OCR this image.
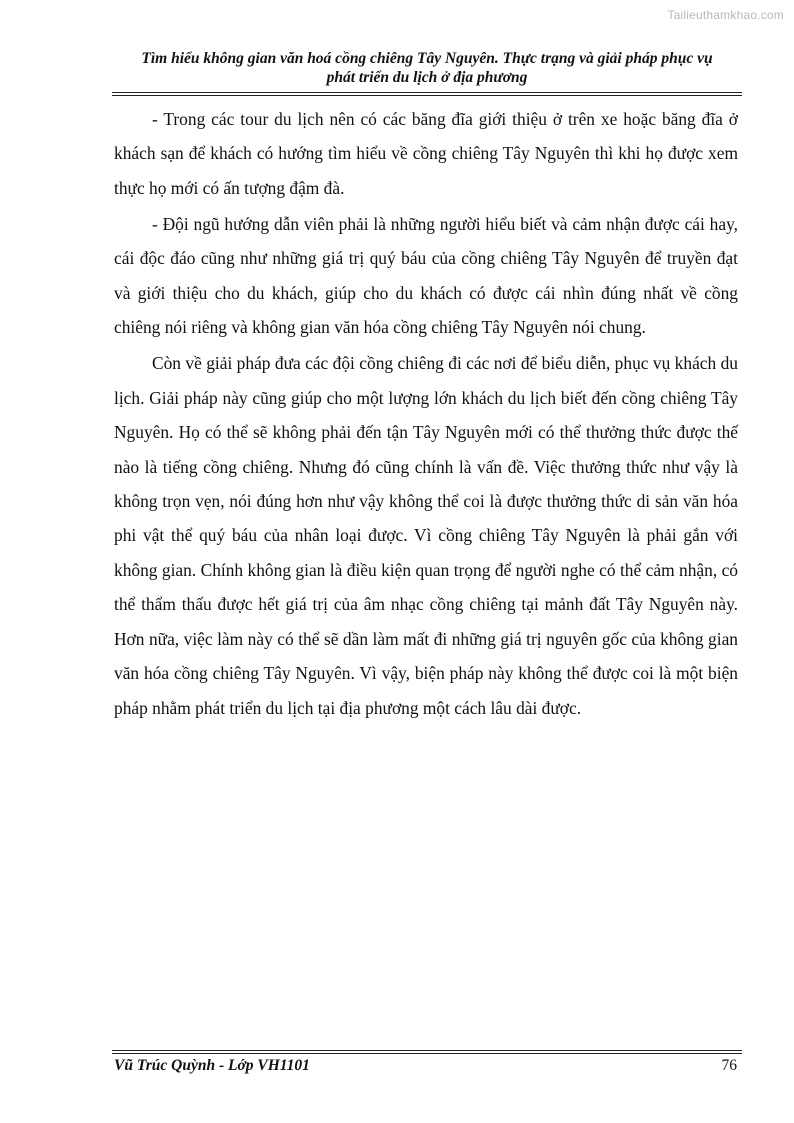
Tailieuthamkhao.com
Tìm hiểu không gian văn hoá cồng chiêng Tây Nguyên. Thực trạng và giải pháp phục vụ
phát triển du lịch ở địa phương

- Trong các tour du lịch nên có các băng đĩa giới thiệu ở trên xe hoặc băng đĩa ở khách sạn để khách có hướng tìm hiểu về cồng chiêng Tây Nguyên thì khi họ được xem thực họ mới có ấn tượng đậm đà.

- Đội ngũ hướng dẫn viên phải là những người hiểu biết và cảm nhận được cái hay, cái độc đáo cũng như những giá trị quý báu của cồng chiêng Tây Nguyên để truyền đạt và giới thiệu cho du khách, giúp cho du khách có được cái nhìn đúng nhất về cồng chiêng nói riêng và không gian văn hóa cồng chiêng Tây Nguyên nói chung.

Còn về giải pháp đưa các đội cồng chiêng đi các nơi để biểu diễn, phục vụ khách du lịch. Giải pháp này cũng giúp cho một lượng lớn khách du lịch biết đến cồng chiêng Tây Nguyên. Họ có thể sẽ không phải đến tận Tây Nguyên mới có thể thưởng thức được thế nào là tiếng cồng chiêng. Nhưng đó cũng chính là vấn đề. Việc thưởng thức như vậy là không trọn vẹn, nói đúng hơn như vậy không thể coi là được thưởng thức di sản văn hóa phi vật thể quý báu của nhân loại được. Vì cồng chiêng Tây Nguyên là phải gắn với không gian. Chính không gian là điều kiện quan trọng để người nghe có thể cảm nhận, có thể thẩm thấu được hết giá trị của âm nhạc cồng chiêng tại mảnh đất Tây Nguyên này. Hơn nữa, việc làm này có thể sẽ dần làm mất đi những giá trị nguyên gốc của không gian văn hóa cồng chiêng Tây Nguyên. Vì vậy, biện pháp này không thể được coi là một biện pháp nhằm phát triển du lịch tại địa phương một cách lâu dài được.

Vũ Trúc Quỳnh - Lớp VH1101	76
